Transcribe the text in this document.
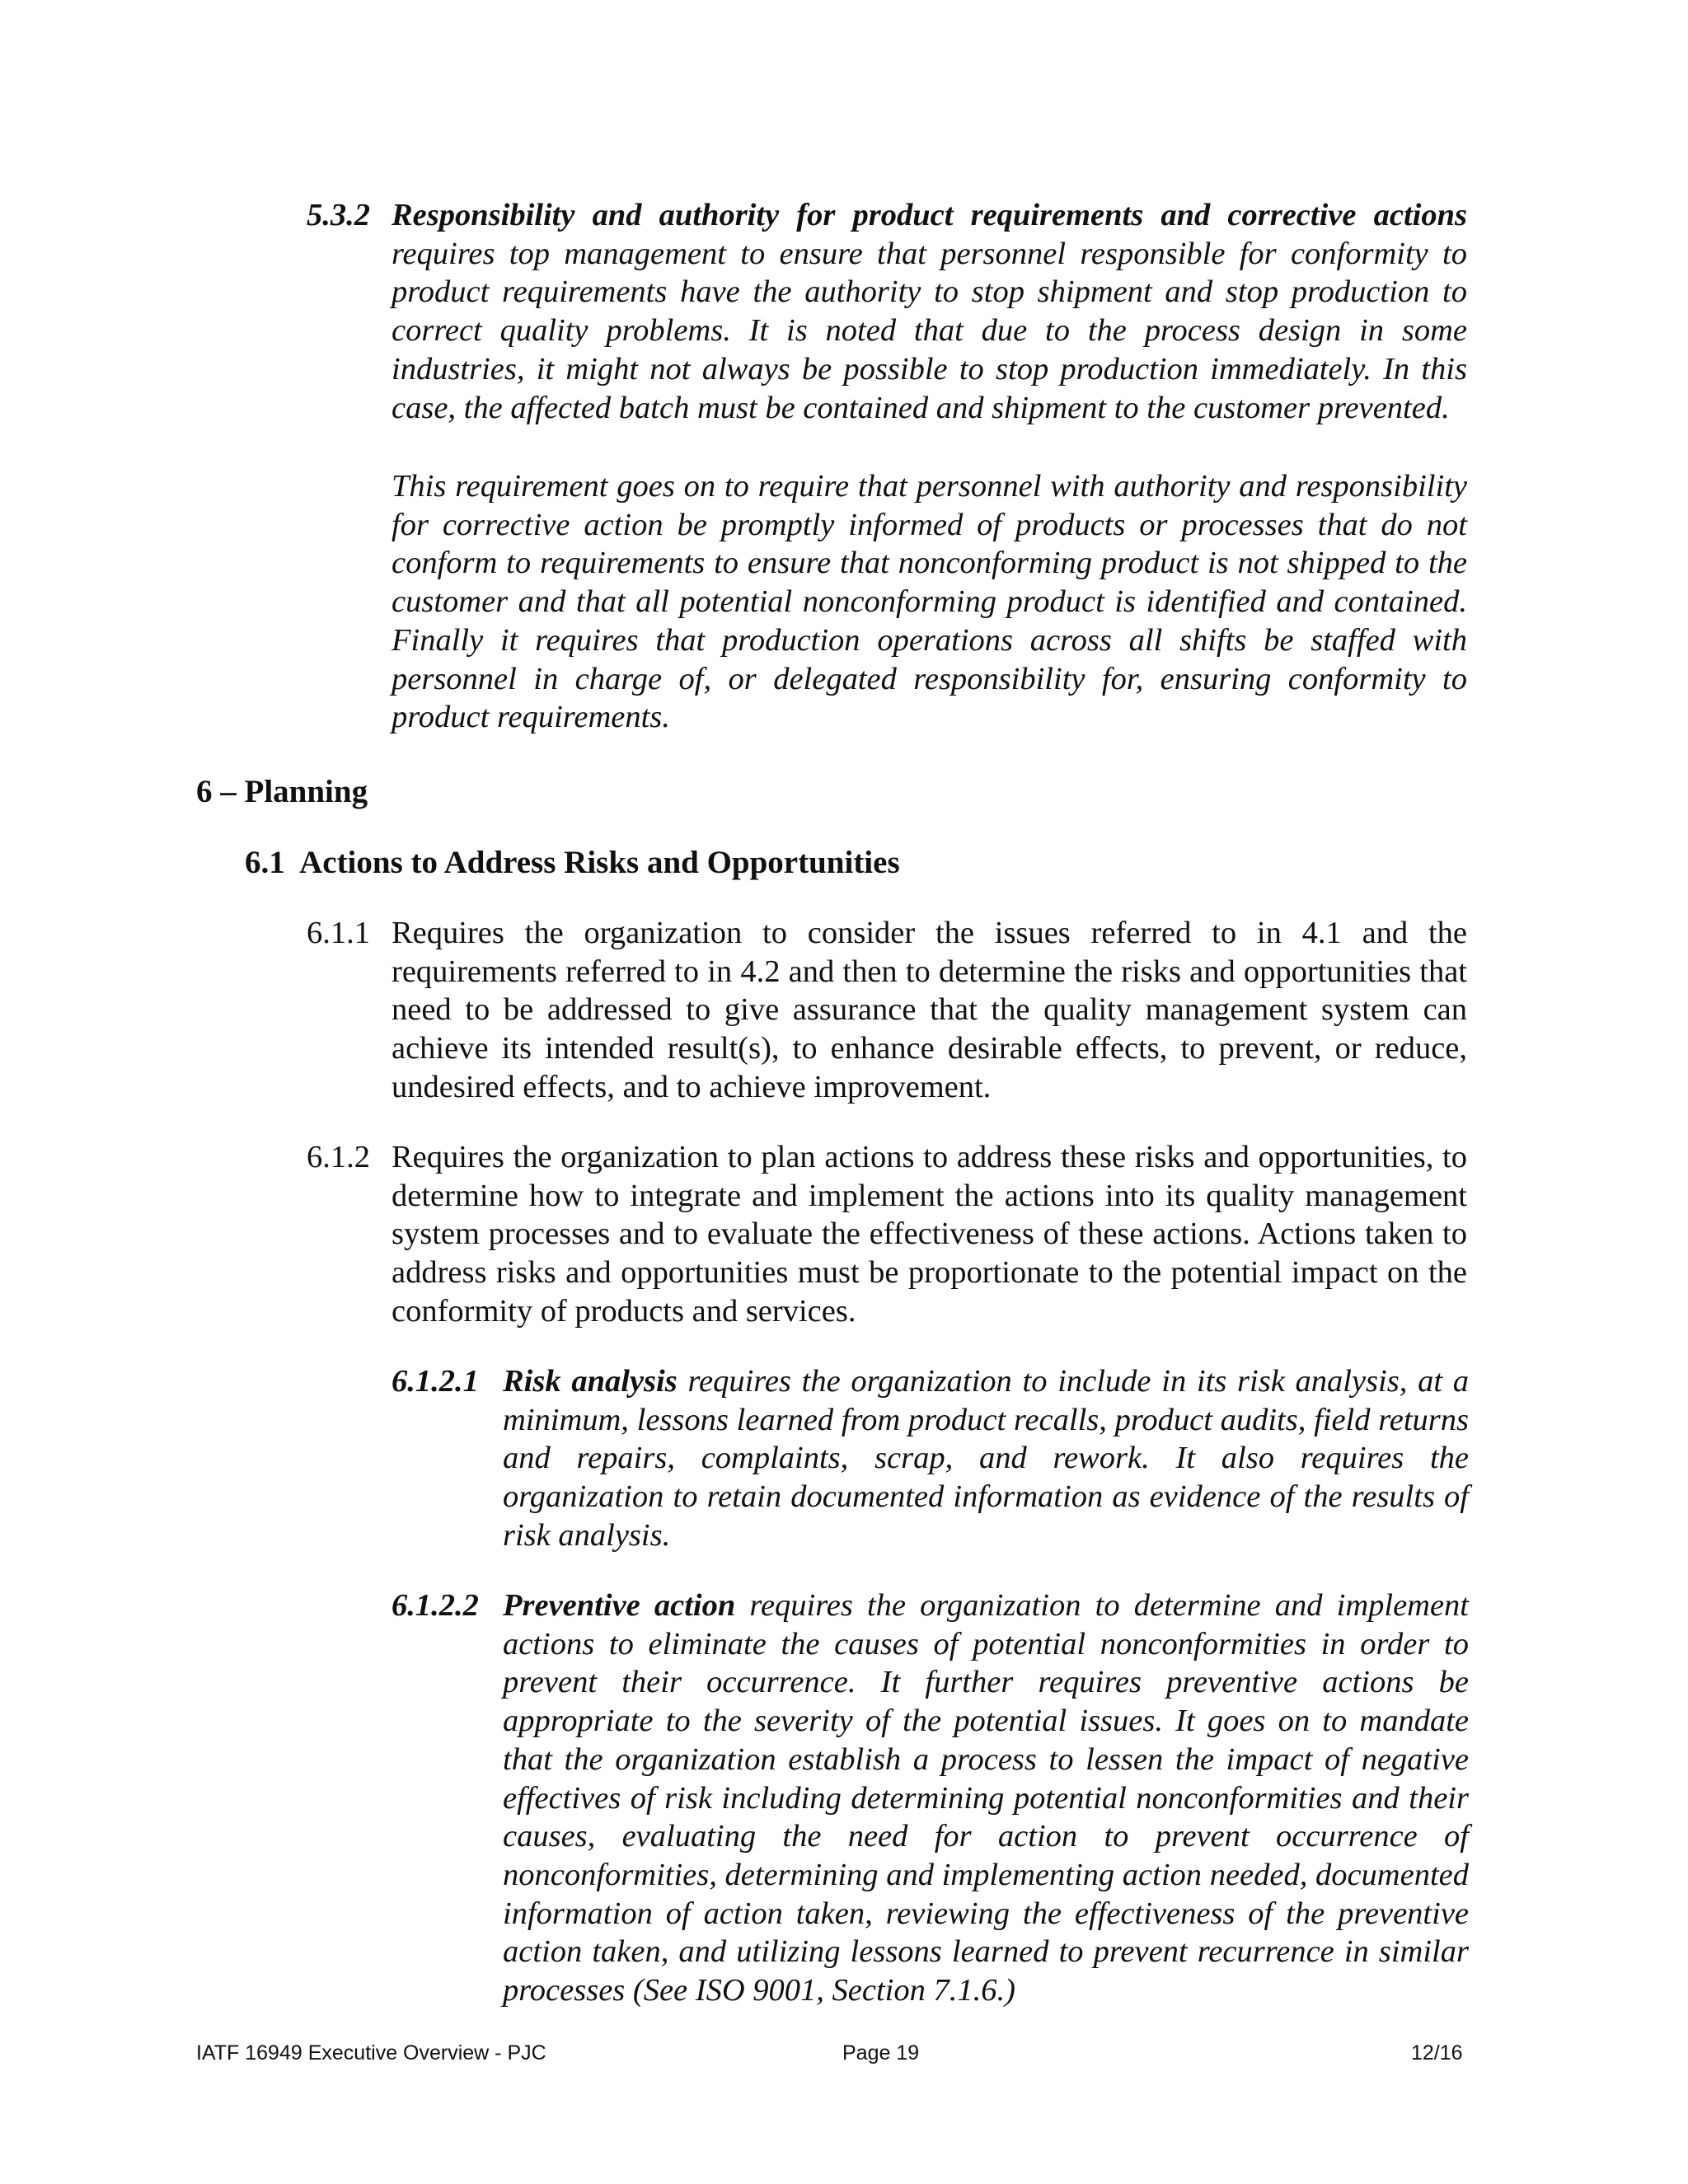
5.3.2 Responsibility and authority for product requirements and corrective actions requires top management to ensure that personnel responsible for conformity to product requirements have the authority to stop shipment and stop production to correct quality problems. It is noted that due to the process design in some industries, it might not always be possible to stop production immediately. In this case, the affected batch must be contained and shipment to the customer prevented.
This requirement goes on to require that personnel with authority and responsibility for corrective action be promptly informed of products or processes that do not conform to requirements to ensure that nonconforming product is not shipped to the customer and that all potential nonconforming product is identified and contained. Finally it requires that production operations across all shifts be staffed with personnel in charge of, or delegated responsibility for, ensuring conformity to product requirements.
6 – Planning
6.1  Actions to Address Risks and Opportunities
6.1.1 Requires the organization to consider the issues referred to in 4.1 and the requirements referred to in 4.2 and then to determine the risks and opportunities that need to be addressed to give assurance that the quality management system can achieve its intended result(s), to enhance desirable effects, to prevent, or reduce, undesired effects, and to achieve improvement.
6.1.2 Requires the organization to plan actions to address these risks and opportunities, to determine how to integrate and implement the actions into its quality management system processes and to evaluate the effectiveness of these actions. Actions taken to address risks and opportunities must be proportionate to the potential impact on the conformity of products and services.
6.1.2.1 Risk analysis requires the organization to include in its risk analysis, at a minimum, lessons learned from product recalls, product audits, field returns and repairs, complaints, scrap, and rework. It also requires the organization to retain documented information as evidence of the results of risk analysis.
6.1.2.2 Preventive action requires the organization to determine and implement actions to eliminate the causes of potential nonconformities in order to prevent their occurrence. It further requires preventive actions be appropriate to the severity of the potential issues. It goes on to mandate that the organization establish a process to lessen the impact of negative effectives of risk including determining potential nonconformities and their causes, evaluating the need for action to prevent occurrence of nonconformities, determining and implementing action needed, documented information of action taken, reviewing the effectiveness of the preventive action taken, and utilizing lessons learned to prevent recurrence in similar processes (See ISO 9001, Section 7.1.6.)
IATF 16949 Executive Overview - PJC	Page 19	12/16
